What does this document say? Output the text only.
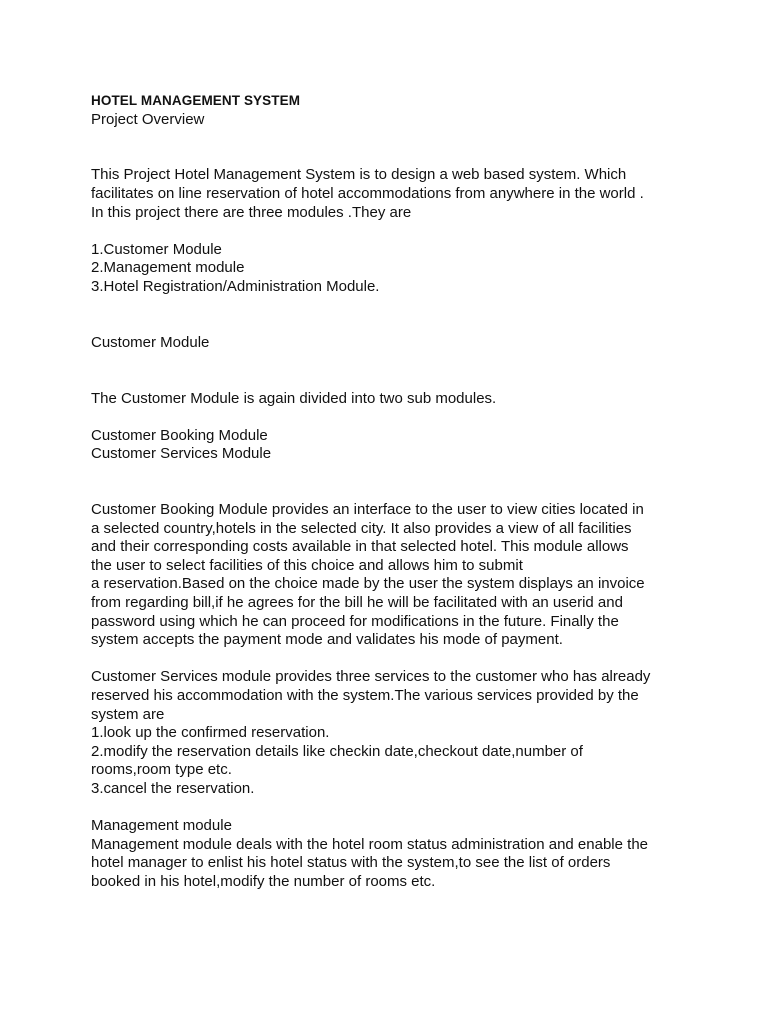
HOTEL MANAGEMENT SYSTEM
Project Overview
This Project Hotel Management System is to design a web based system. Which
facilitates on line reservation of hotel accommodations from anywhere in the world .
In this project there are three modules .They are
1.Customer Module
2.Management module
3.Hotel Registration/Administration Module.
Customer Module
The Customer Module is again divided into two sub modules.
Customer Booking Module
Customer Services Module
Customer Booking Module provides an interface to the user to view cities located in
a selected country,hotels in the selected city. It also provides a view of all facilities
and their corresponding costs available in that selected hotel. This module allows
the user to select facilities of this choice and allows him to submit
a reservation.Based on the choice made by the user the system displays an invoice
from regarding bill,if he agrees for the bill he will be facilitated with an userid and
password using which he can proceed for modifications in the future. Finally the
system accepts the payment mode and validates his mode of payment.
Customer Services module provides three services to the customer who has already
reserved his accommodation with the system.The various services provided by the
system are
1.look up the confirmed reservation.
2.modify the reservation details like checkin date,checkout date,number of
rooms,room type etc.
3.cancel the reservation.
Management module
Management module deals with the hotel room status administration and enable the
hotel manager to enlist his hotel status with the system,to see the list of orders
booked in his hotel,modify the number of rooms etc.
